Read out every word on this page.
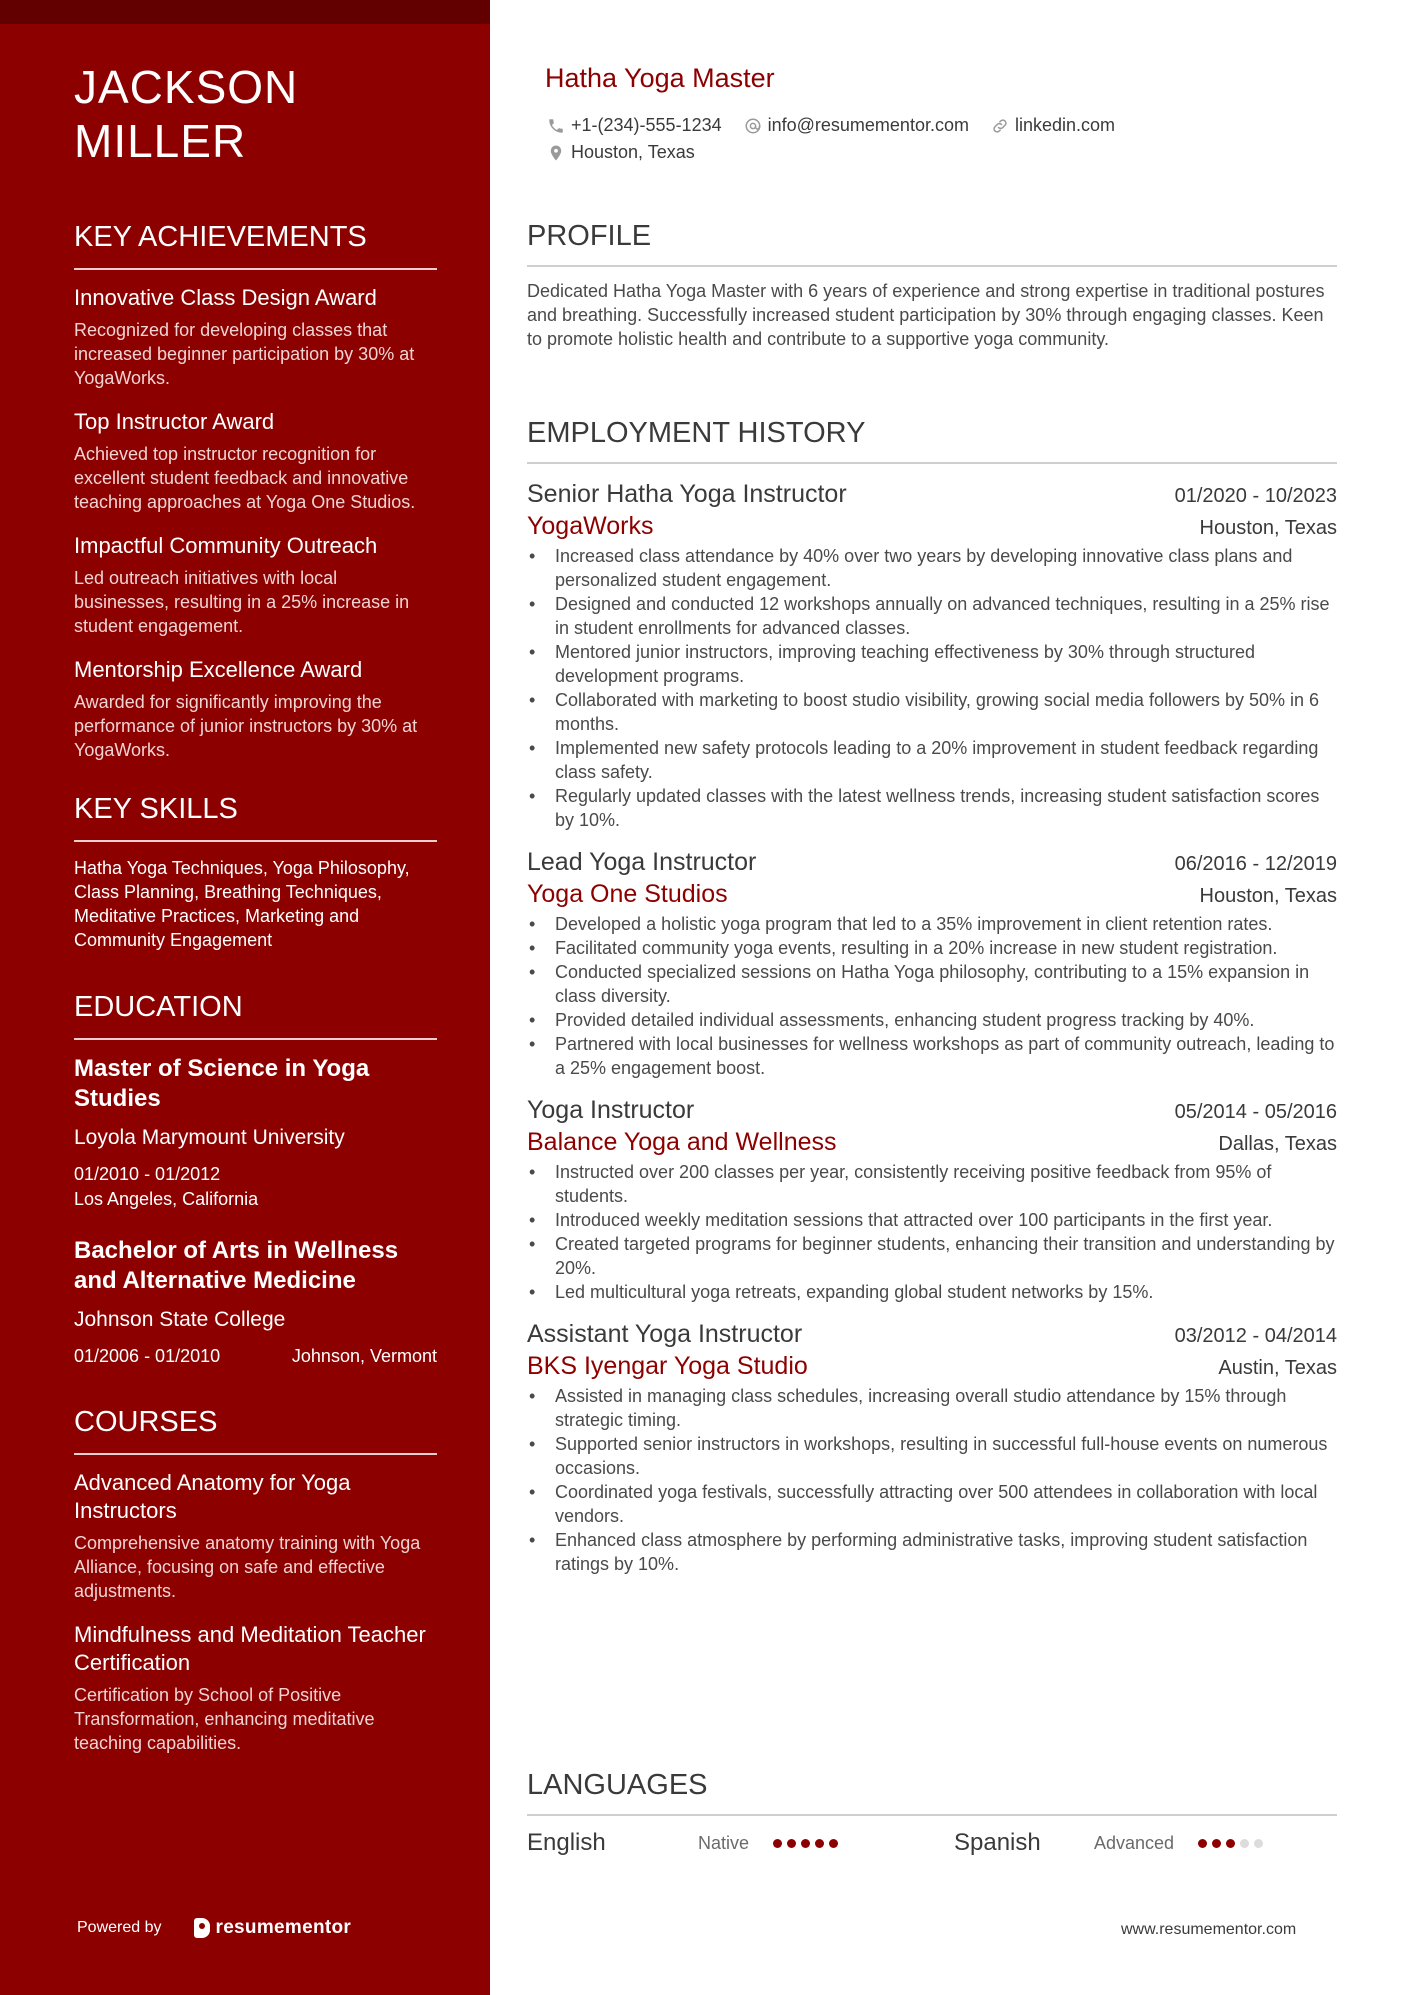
JACKSON
MILLER
KEY ACHIEVEMENTS
Innovative Class Design Award
Recognized for developing classes that increased beginner participation by 30% at YogaWorks.
Top Instructor Award
Achieved top instructor recognition for excellent student feedback and innovative teaching approaches at Yoga One Studios.
Impactful Community Outreach
Led outreach initiatives with local businesses, resulting in a 25% increase in student engagement.
Mentorship Excellence Award
Awarded for significantly improving the performance of junior instructors by 30% at YogaWorks.
KEY SKILLS
Hatha Yoga Techniques, Yoga Philosophy, Class Planning, Breathing Techniques, Meditative Practices, Marketing and Community Engagement
EDUCATION
Master of Science in Yoga Studies
Loyola Marymount University
01/2010 - 01/2012
Los Angeles, California
Bachelor of Arts in Wellness and Alternative Medicine
Johnson State College
01/2006 - 01/2010	Johnson, Vermont
COURSES
Advanced Anatomy for Yoga Instructors
Comprehensive anatomy training with Yoga Alliance, focusing on safe and effective adjustments.
Mindfulness and Meditation Teacher Certification
Certification by School of Positive Transformation, enhancing meditative teaching capabilities.
Powered by	resumementor
Hatha Yoga Master
+1-(234)-555-1234	info@resumementor.com	linkedin.com
Houston, Texas
PROFILE
Dedicated Hatha Yoga Master with 6 years of experience and strong expertise in traditional postures and breathing. Successfully increased student participation by 30% through engaging classes. Keen to promote holistic health and contribute to a supportive yoga community.
EMPLOYMENT HISTORY
Senior Hatha Yoga Instructor	01/2020 - 10/2023
YogaWorks	Houston, Texas
• Increased class attendance by 40% over two years by developing innovative class plans and personalized student engagement.
• Designed and conducted 12 workshops annually on advanced techniques, resulting in a 25% rise in student enrollments for advanced classes.
• Mentored junior instructors, improving teaching effectiveness by 30% through structured development programs.
• Collaborated with marketing to boost studio visibility, growing social media followers by 50% in 6 months.
• Implemented new safety protocols leading to a 20% improvement in student feedback regarding class safety.
• Regularly updated classes with the latest wellness trends, increasing student satisfaction scores by 10%.
Lead Yoga Instructor	06/2016 - 12/2019
Yoga One Studios	Houston, Texas
• Developed a holistic yoga program that led to a 35% improvement in client retention rates.
• Facilitated community yoga events, resulting in a 20% increase in new student registration.
• Conducted specialized sessions on Hatha Yoga philosophy, contributing to a 15% expansion in class diversity.
• Provided detailed individual assessments, enhancing student progress tracking by 40%.
• Partnered with local businesses for wellness workshops as part of community outreach, leading to a 25% engagement boost.
Yoga Instructor	05/2014 - 05/2016
Balance Yoga and Wellness	Dallas, Texas
• Instructed over 200 classes per year, consistently receiving positive feedback from 95% of students.
• Introduced weekly meditation sessions that attracted over 100 participants in the first year.
• Created targeted programs for beginner students, enhancing their transition and understanding by 20%.
• Led multicultural yoga retreats, expanding global student networks by 15%.
Assistant Yoga Instructor	03/2012 - 04/2014
BKS Iyengar Yoga Studio	Austin, Texas
• Assisted in managing class schedules, increasing overall studio attendance by 15% through strategic timing.
• Supported senior instructors in workshops, resulting in successful full-house events on numerous occasions.
• Coordinated yoga festivals, successfully attracting over 500 attendees in collaboration with local vendors.
• Enhanced class atmosphere by performing administrative tasks, improving student satisfaction ratings by 10%.
LANGUAGES
English	Native	Spanish	Advanced
www.resumementor.com
